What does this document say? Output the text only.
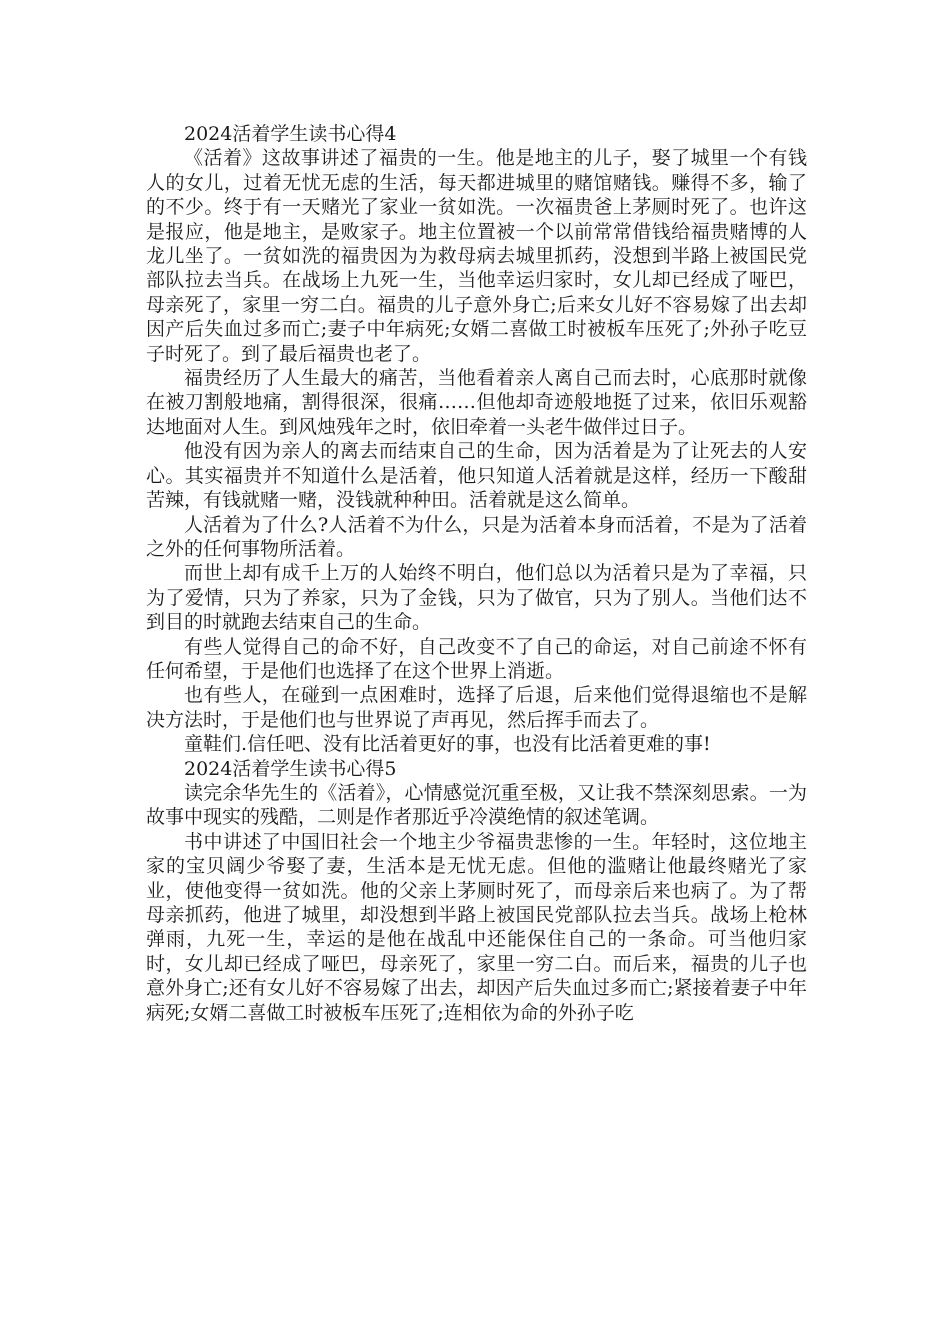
2024活着学生读书心得4

《活着》这故事讲述了福贵的一生。他是地主的儿子，娶了城里一个有钱人的女儿，过着无忧无虑的生活，每天都进城里的赌馆赌钱。赚得不多，输了的不少。终于有一天赌光了家业一贫如洗。一次福贵爸上茅厕时死了。也许这是报应，他是地主，是败家子。地主位置被一个以前常常借钱给福贵赌博的人龙儿坐了。一贫如洗的福贵因为为救母病去城里抓药，没想到半路上被国民党部队拉去当兵。在战场上九死一生，当他幸运归家时，女儿却已经成了哑巴，母亲死了，家里一穷二白。福贵的儿子意外身亡;后来女儿好不容易嫁了出去却因产后失血过多而亡;妻子中年病死;女婿二喜做工时被板车压死了;外孙子吃豆子时死了。到了最后福贵也老了。

福贵经历了人生最大的痛苦，当他看着亲人离自己而去时，心底那时就像在被刀割般地痛，割得很深，很痛……但他却奇迹般地挺了过来，依旧乐观豁达地面对人生。到风烛残年之时，依旧牵着一头老牛做伴过日子。

他没有因为亲人的离去而结束自己的生命，因为活着是为了让死去的人安心。其实福贵并不知道什么是活着，他只知道人活着就是这样，经历一下酸甜苦辣，有钱就赌一赌，没钱就种种田。活着就是这么简单。

人活着为了什么?人活着不为什么，只是为活着本身而活着，不是为了活着之外的任何事物所活着。

而世上却有成千上万的人始终不明白，他们总以为活着只是为了幸福，只为了爱情，只为了养家，只为了金钱，只为了做官，只为了别人。当他们达不到目的时就跑去结束自己的生命。

有些人觉得自己的命不好，自己改变不了自己的命运，对自己前途不怀有任何希望，于是他们也选择了在这个世界上消逝。

也有些人，在碰到一点困难时，选择了后退，后来他们觉得退缩也不是解决方法时，于是他们也与世界说了声再见，然后挥手而去了。

童鞋们.信任吧、没有比活着更好的事，也没有比活着更难的事!

2024活着学生读书心得5

读完余华先生的《活着》，心情感觉沉重至极，又让我不禁深刻思索。一为故事中现实的残酷，二则是作者那近乎冷漠绝情的叙述笔调。

书中讲述了中国旧社会一个地主少爷福贵悲惨的一生。年轻时，这位地主家的宝贝阔少爷娶了妻，生活本是无忧无虑。但他的滥赌让他最终赌光了家业，使他变得一贫如洗。他的父亲上茅厕时死了，而母亲后来也病了。为了帮母亲抓药，他进了城里，却没想到半路上被国民党部队拉去当兵。战场上枪林弹雨，九死一生，幸运的是他在战乱中还能保住自己的一条命。可当他归家时，女儿却已经成了哑巴，母亲死了，家里一穷二白。而后来，福贵的儿子也意外身亡;还有女儿好不容易嫁了出去，却因产后失血过多而亡;紧接着妻子中年病死;女婿二喜做工时被板车压死了;连相依为命的外孙子吃
